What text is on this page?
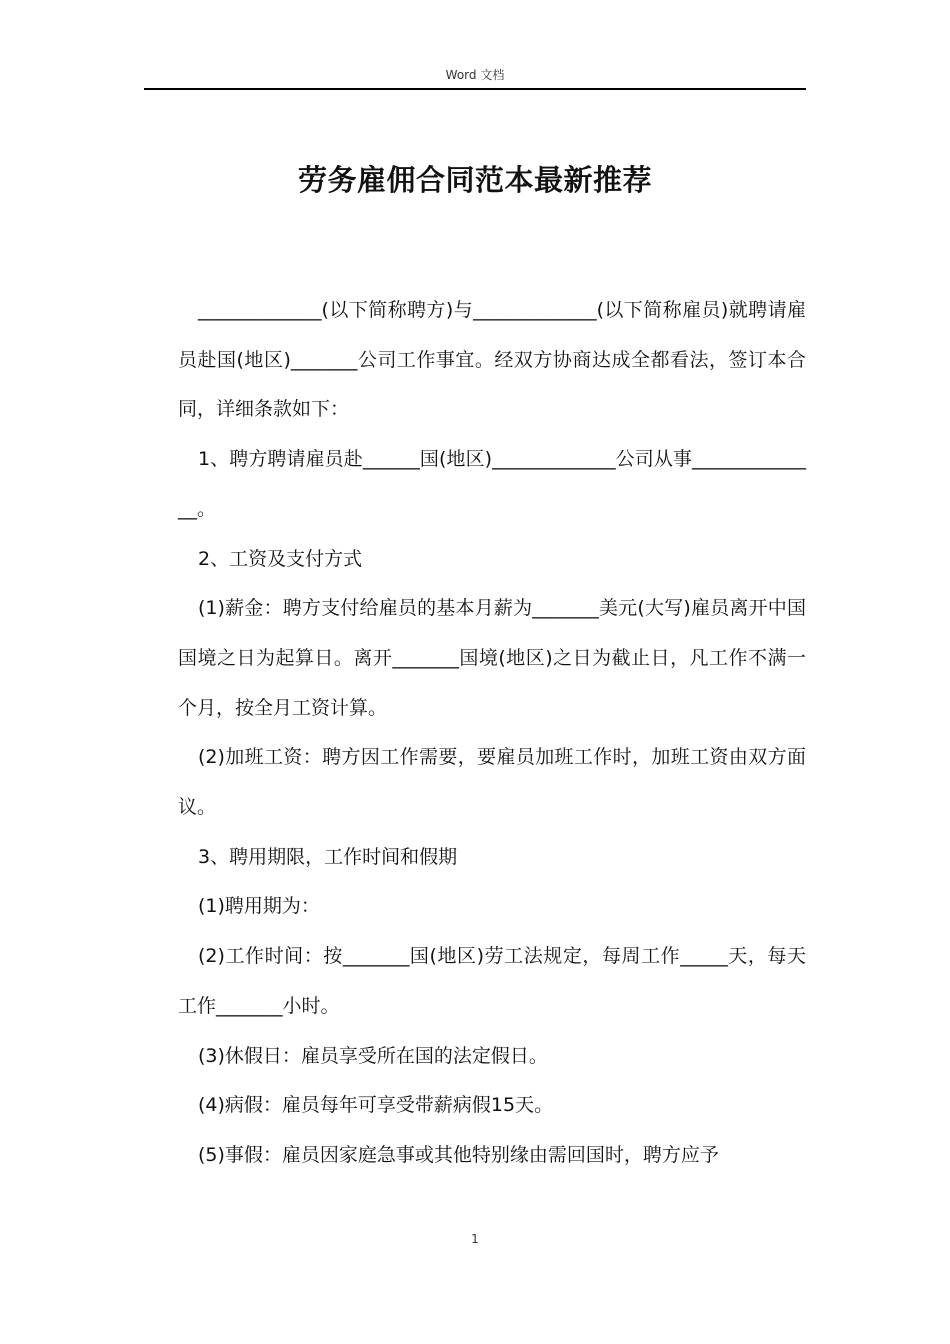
Word 文档
劳务雇佣合同范本最新推荐

_____________(以下简称聘方)与_____________(以下简称雇员)就聘请雇员赴国(地区)_______公司工作事宜。经双方协商达成全都看法，签订本合同，详细条款如下：

1、聘方聘请雇员赴______国(地区)_____________公司从事______________。

2、工资及支付方式

(1)薪金：聘方支付给雇员的基本月薪为_______美元(大写)雇员离开中国国境之日为起算日。离开_______国境(地区)之日为截止日，凡工作不满一个月，按全月工资计算。

(2)加班工资：聘方因工作需要，要雇员加班工作时，加班工资由双方面议。

3、聘用期限，工作时间和假期

(1)聘用期为：

(2)工作时间：按_______国(地区)劳工法规定，每周工作_____天，每天工作_______小时。

(3)休假日：雇员享受所在国的法定假日。

(4)病假：雇员每年可享受带薪病假15天。

(5)事假：雇员因家庭急事或其他特别缘由需回国时，聘方应予

1
